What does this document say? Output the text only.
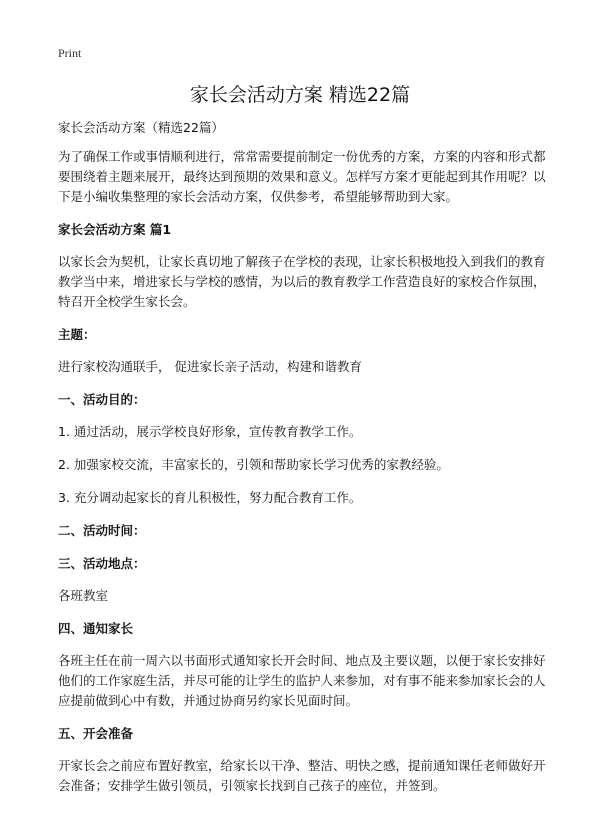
Print
家长会活动方案 精选22篇

家长会活动方案（精选22篇）

为了确保工作或事情顺利进行，常常需要提前制定一份优秀的方案，方案的内容和形式都要围绕着主题来展开，最终达到预期的效果和意义。怎样写方案才更能起到其作用呢？以下是小编收集整理的家长会活动方案，仅供参考，希望能够帮助到大家。

家长会活动方案 篇1

以家长会为契机，让家长真切地了解孩子在学校的表现，让家长积极地投入到我们的教育教学当中来，增进家长与学校的感情，为以后的教育教学工作营造良好的家校合作氛围，特召开全校学生家长会。

主题：

进行家校沟通联手， 促进家长亲子活动，构建和谐教育

一、活动目的：

1. 通过活动，展示学校良好形象，宣传教育教学工作。

2. 加强家校交流，丰富家长的，引领和帮助家长学习优秀的家教经验。

3. 充分调动起家长的育儿积极性，努力配合教育工作。

二、活动时间：

三、活动地点：

各班教室

四、通知家长

各班主任在前一周六以书面形式通知家长开会时间、地点及主要议题，以便于家长安排好他们的工作家庭生活，并尽可能的让学生的监护人来参加，对有事不能来参加家长会的人应提前做到心中有数，并通过协商另约家长见面时间。

五、开会准备

开家长会之前应布置好教室，给家长以干净、整洁、明快之感，提前通知课任老师做好开会准备；安排学生做引领员，引领家长找到自己孩子的座位，并签到。
